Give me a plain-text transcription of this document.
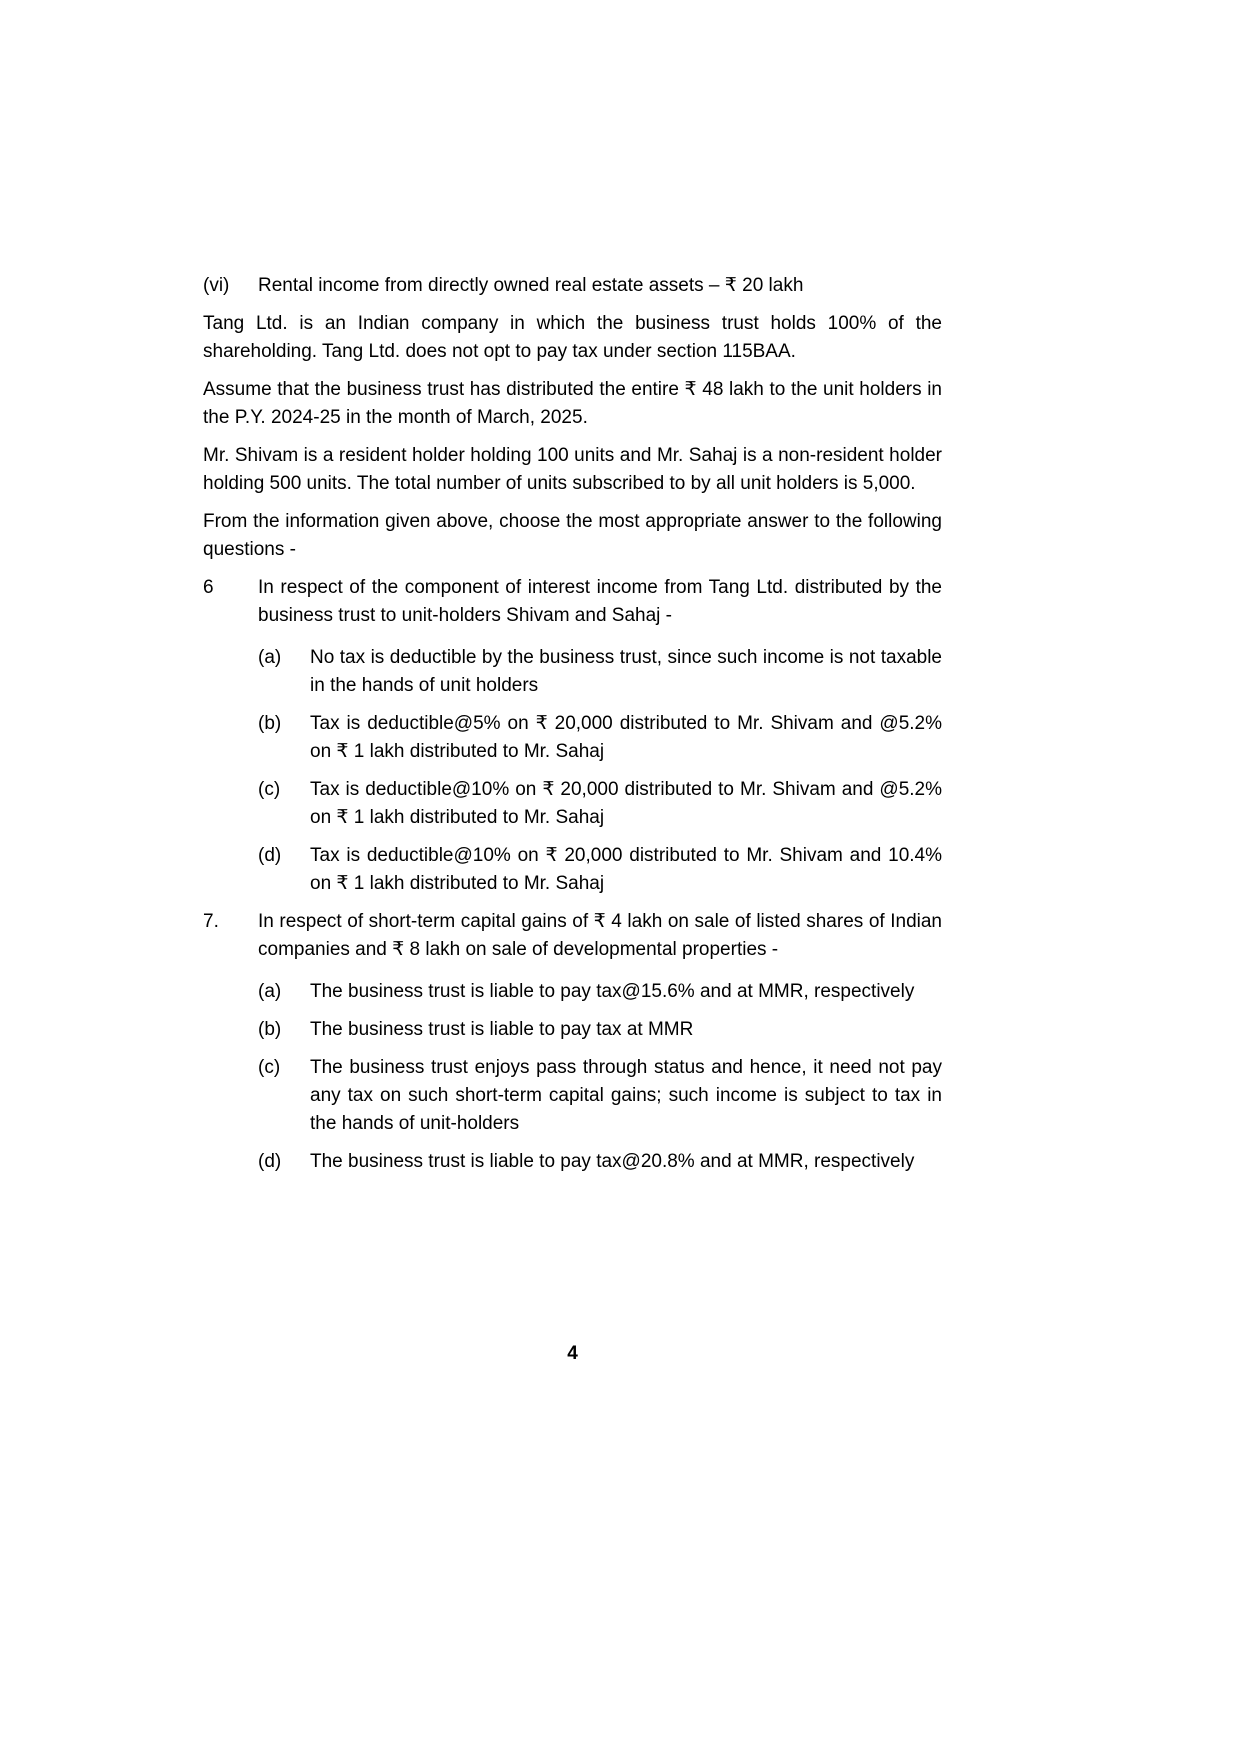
(vi)	Rental income from directly owned real estate assets – ₹ 20 lakh
Tang Ltd. is an Indian company in which the business trust holds 100% of the shareholding. Tang Ltd. does not opt to pay tax under section 115BAA.
Assume that the business trust has distributed the entire ₹ 48 lakh to the unit holders in the P.Y. 2024-25 in the month of March, 2025.
Mr. Shivam is a resident holder holding 100 units and Mr. Sahaj is a non-resident holder holding 500 units. The total number of units subscribed to by all unit holders is 5,000.
From the information given above, choose the most appropriate answer to the following questions -
6	In respect of the component of interest income from Tang Ltd. distributed by the business trust to unit-holders Shivam and Sahaj -
(a)	No tax is deductible by the business trust, since such income is not taxable in the hands of unit holders
(b)	Tax is deductible@5% on ₹ 20,000 distributed to Mr. Shivam and @5.2% on ₹ 1 lakh distributed to Mr. Sahaj
(c)	Tax is deductible@10% on ₹ 20,000 distributed to Mr. Shivam and @5.2% on ₹ 1 lakh distributed to Mr. Sahaj
(d)	Tax is deductible@10% on ₹ 20,000 distributed to Mr. Shivam and 10.4% on ₹ 1 lakh distributed to Mr. Sahaj
7.	In respect of short-term capital gains of ₹ 4 lakh on sale of listed shares of Indian companies and ₹ 8 lakh on sale of developmental properties -
(a)	The business trust is liable to pay tax@15.6% and at MMR, respectively
(b)	The business trust is liable to pay tax at MMR
(c)	The business trust enjoys pass through status and hence, it need not pay any tax on such short-term capital gains; such income is subject to tax in the hands of unit-holders
(d)	The business trust is liable to pay tax@20.8% and at MMR, respectively
4
